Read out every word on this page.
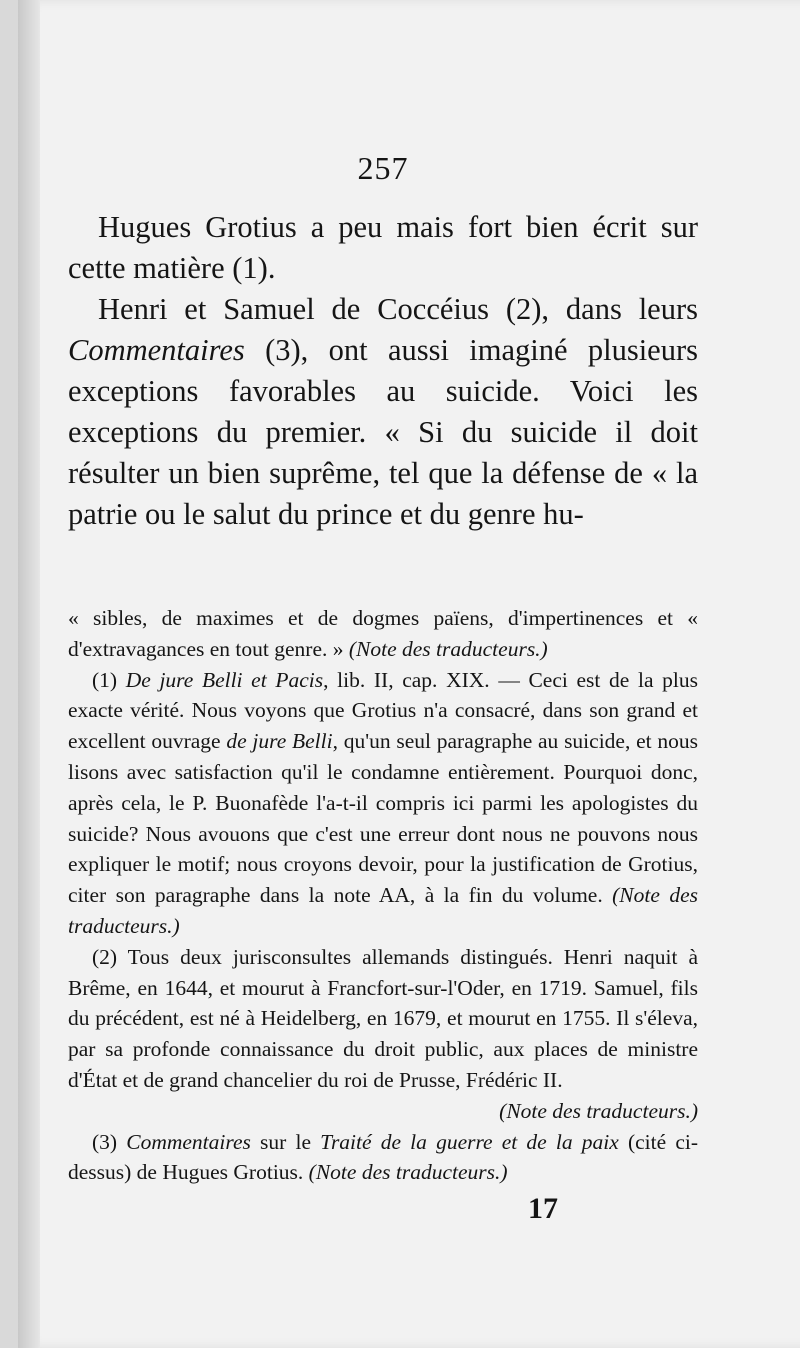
257

Hugues Grotius a peu mais fort bien écrit sur cette matière (1).

Henri et Samuel de Coccéius (2), dans leurs Commentaires (3), ont aussi imaginé plusieurs exceptions favorables au suicide. Voici les exceptions du premier. « Si du suicide il doit résulter un bien suprême, tel que la défense de « la patrie ou le salut du prince et du genre hu-

« sibles, de maximes et de dogmes païens, d'impertinences et « d'extravagances en tout genre. » (Note des traducteurs.)

(1) De jure Belli et Pacis, lib. II, cap. XIX. — Ceci est de la plus exacte vérité. Nous voyons que Grotius n'a consacré, dans son grand et excellent ouvrage de jure Belli, qu'un seul paragraphe au suicide, et nous lisons avec satisfaction qu'il le condamne entièrement. Pourquoi donc, après cela, le P. Buonafède l'a-t-il compris ici parmi les apologistes du suicide? Nous avouons que c'est une erreur dont nous ne pouvons nous expliquer le motif; nous croyons devoir, pour la justification de Grotius, citer son paragraphe dans la note AA, à la fin du volume. (Note des traducteurs.)

(2) Tous deux jurisconsultes allemands distingués. Henri naquit à Brême, en 1644, et mourut à Francfort-sur-l'Oder, en 1719. Samuel, fils du précédent, est né à Heidelberg, en 1679, et mourut en 1755. Il s'éleva, par sa profonde connaissance du droit public, aux places de ministre d'État et de grand chancelier du roi de Prusse, Frédéric II.

(Note des traducteurs.)

(3) Commentaires sur le Traité de la guerre et de la paix (cité ci-dessus) de Hugues Grotius. (Note des traducteurs.)

17
